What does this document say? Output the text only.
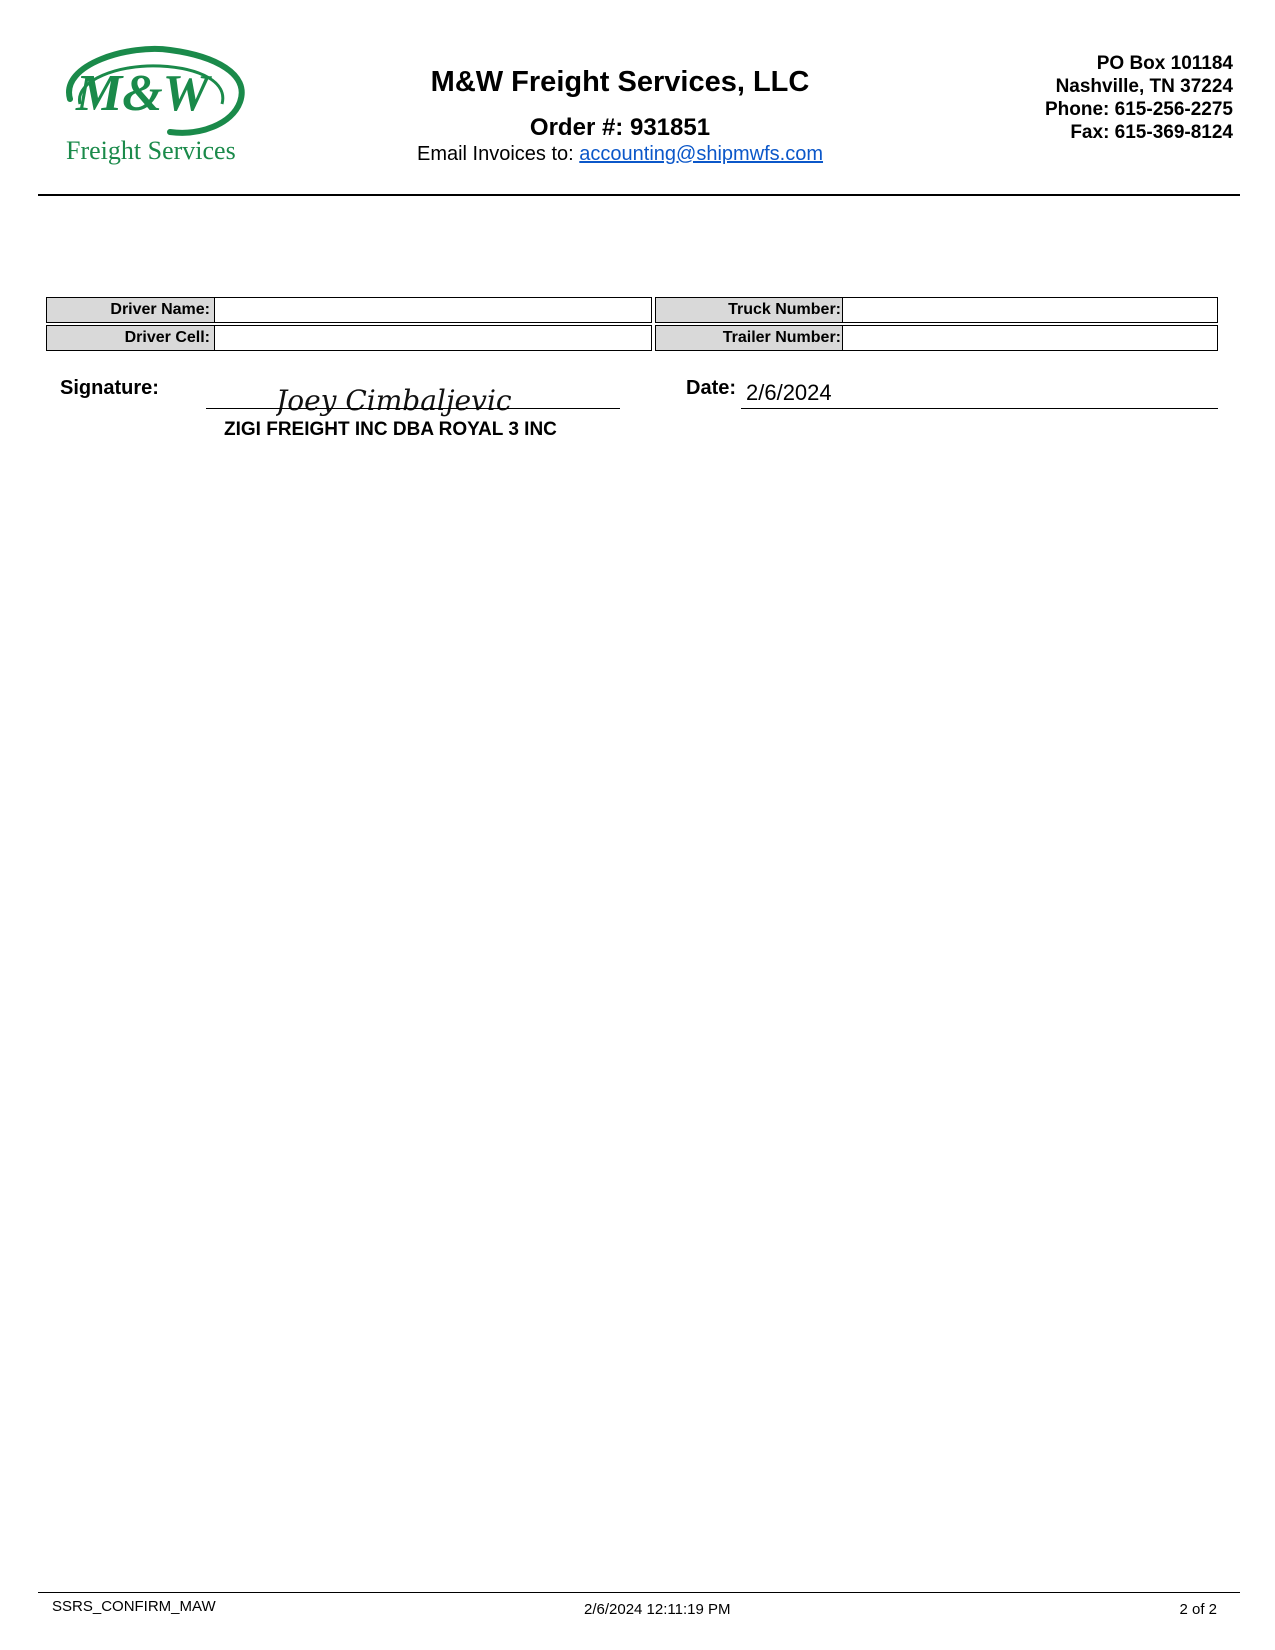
M&W
Freight Services
M&W Freight Services, LLC
Order #: 931851
Email Invoices to: accounting@shipmwfs.com
PO Box 101184
Nashville, TN 37224
Phone: 615-256-2275
Fax: 615-369-8124
Driver Name:	Truck Number:
Driver Cell:	Trailer Number:
Signature:	Joey Cimbaljevic
ZIGI FREIGHT INC DBA ROYAL 3 INC
Date: 2/6/2024
SSRS_CONFIRM_MAW	2/6/2024 12:11:19 PM	2 of 2
